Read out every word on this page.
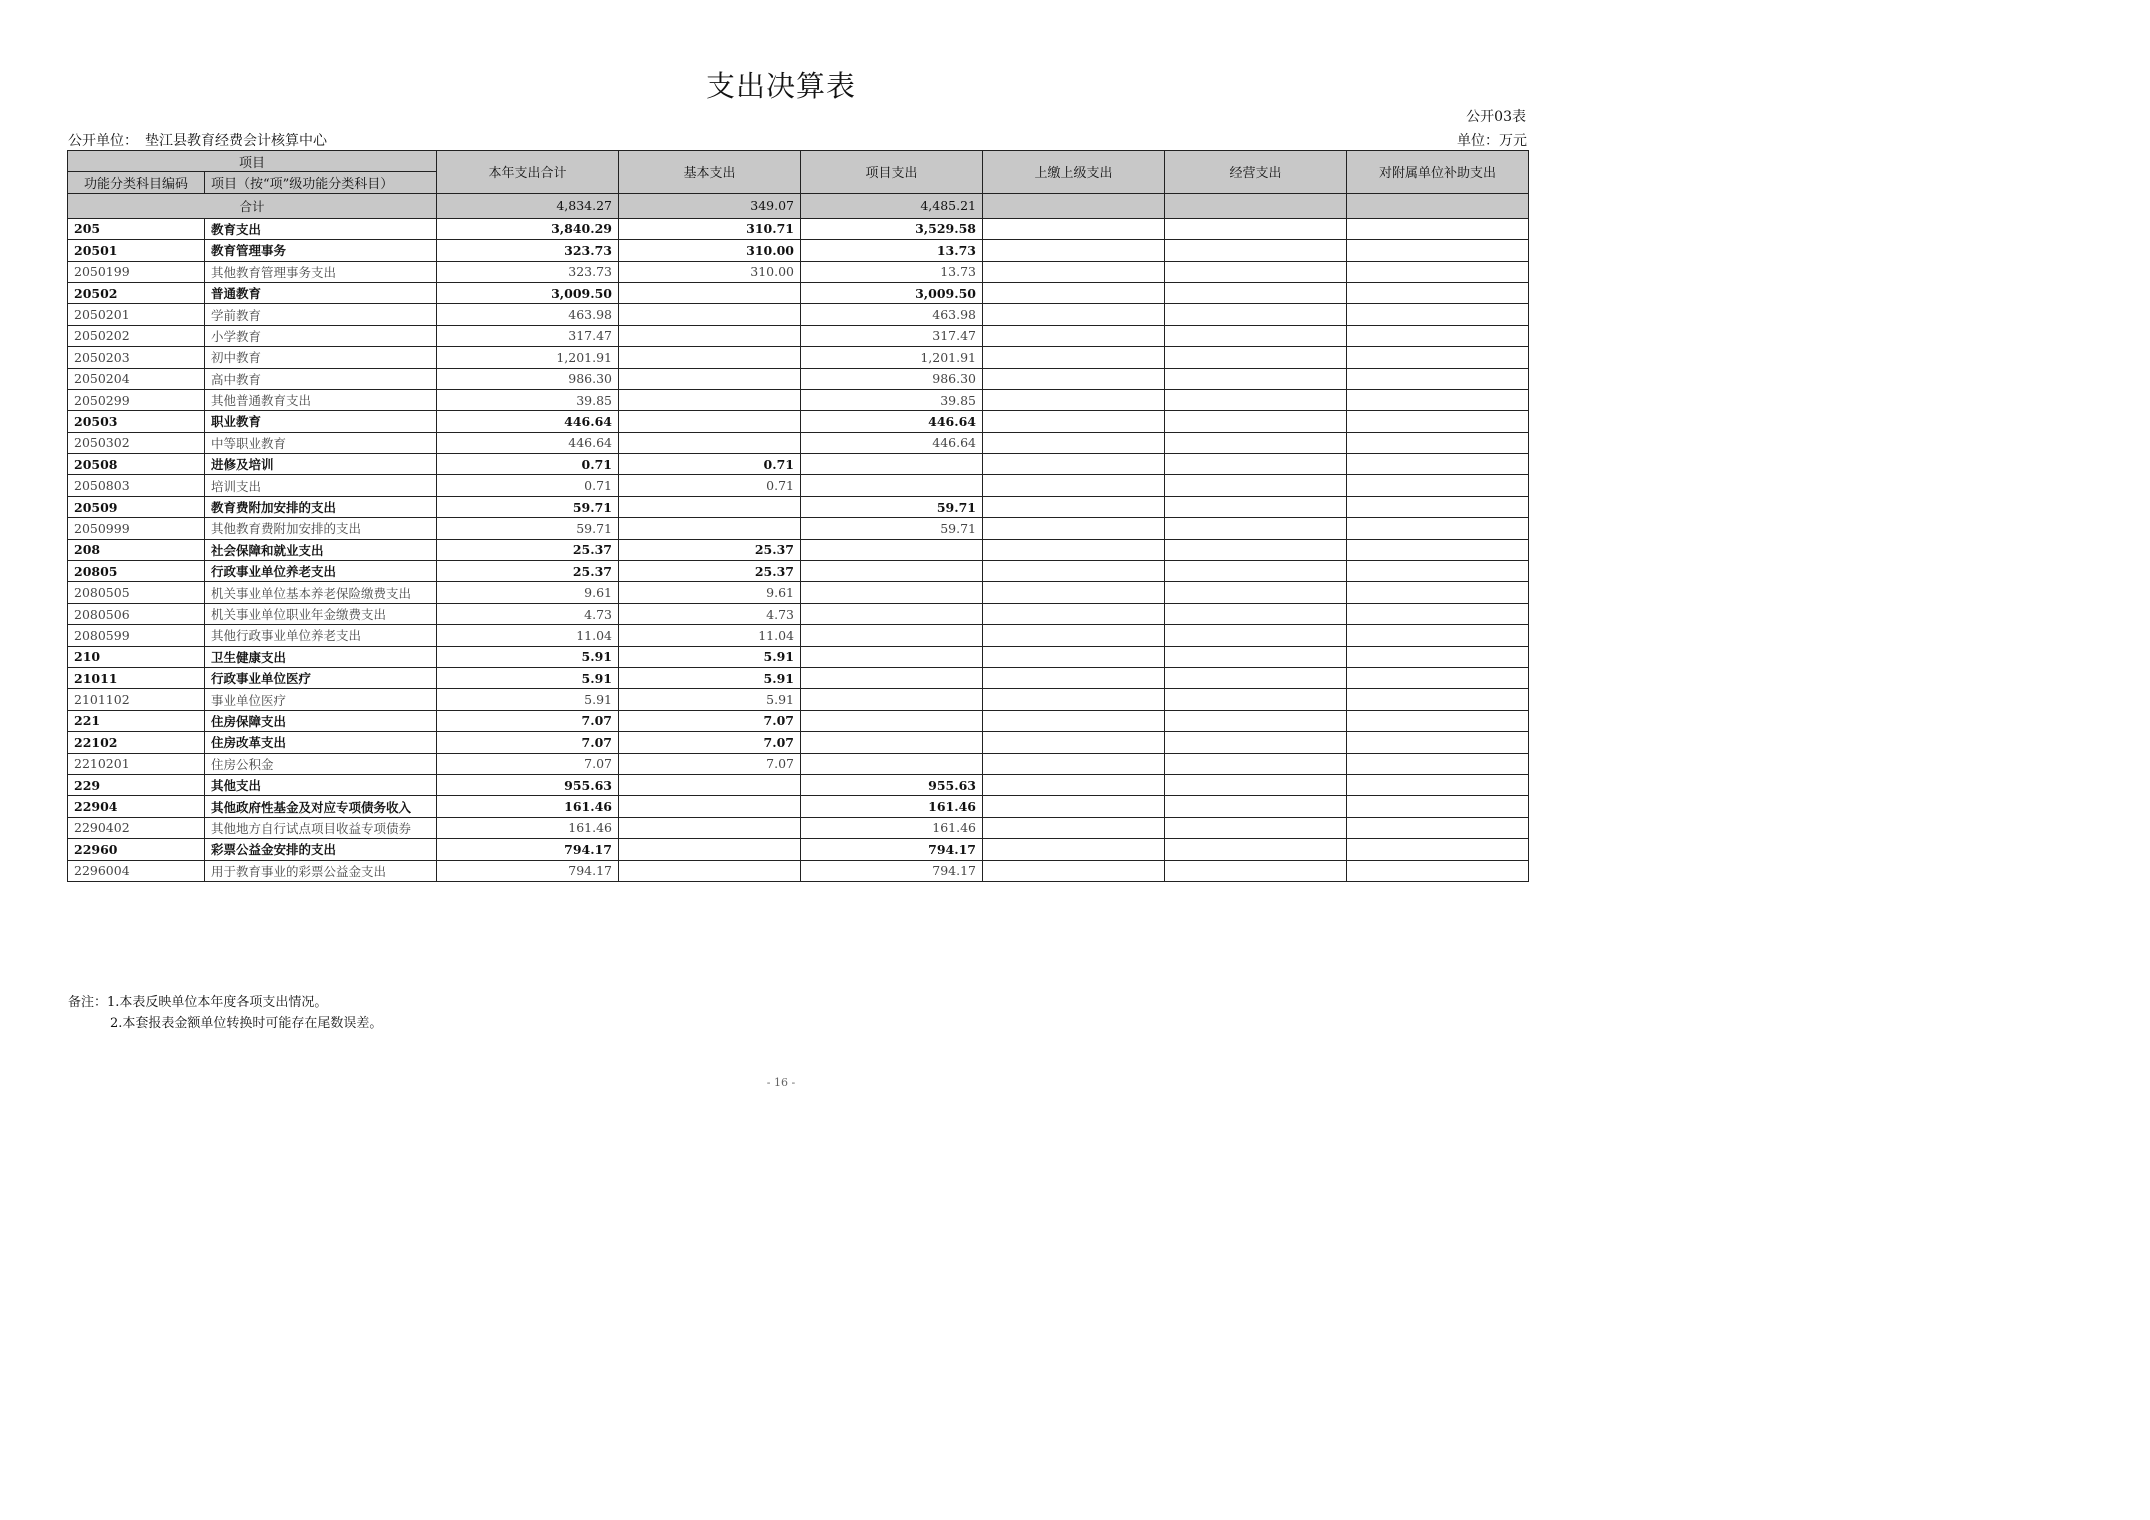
支出决算表
公开03表
公开单位：　垫江县教育经费会计核算中心	单位：万元
项目		本年支出合计	基本支出	项目支出	上缴上级支出	经营支出	对附属单位补助支出
功能分类科目编码	项目（按“项”级功能分类科目）						
合计		4,834.27	349.07	4,485.21			
205	教育支出	3,840.29	310.71	3,529.58			
20501	教育管理事务	323.73	310.00	13.73			
2050199	其他教育管理事务支出	323.73	310.00	13.73			
20502	普通教育	3,009.50		3,009.50			
2050201	学前教育	463.98		463.98			
2050202	小学教育	317.47		317.47			
2050203	初中教育	1,201.91		1,201.91			
2050204	高中教育	986.30		986.30			
2050299	其他普通教育支出	39.85		39.85			
20503	职业教育	446.64		446.64			
2050302	中等职业教育	446.64		446.64			
20508	进修及培训	0.71	0.71				
2050803	培训支出	0.71	0.71				
20509	教育费附加安排的支出	59.71		59.71			
2050999	其他教育费附加安排的支出	59.71		59.71			
208	社会保障和就业支出	25.37	25.37				
20805	行政事业单位养老支出	25.37	25.37				
2080505	机关事业单位基本养老保险缴费支出	9.61	9.61				
2080506	机关事业单位职业年金缴费支出	4.73	4.73				
2080599	其他行政事业单位养老支出	11.04	11.04				
210	卫生健康支出	5.91	5.91				
21011	行政事业单位医疗	5.91	5.91				
2101102	事业单位医疗	5.91	5.91				
221	住房保障支出	7.07	7.07				
22102	住房改革支出	7.07	7.07				
2210201	住房公积金	7.07	7.07				
229	其他支出	955.63		955.63			
22904	其他政府性基金及对应专项债务收入	161.46		161.46			
2290402	其他地方自行试点项目收益专项债券	161.46		161.46			
22960	彩票公益金安排的支出	794.17		794.17			
2296004	用于教育事业的彩票公益金支出	794.17		794.17			
备注：1.本表反映单位本年度各项支出情况。
2.本套报表金额单位转换时可能存在尾数误差。
- 16 -
